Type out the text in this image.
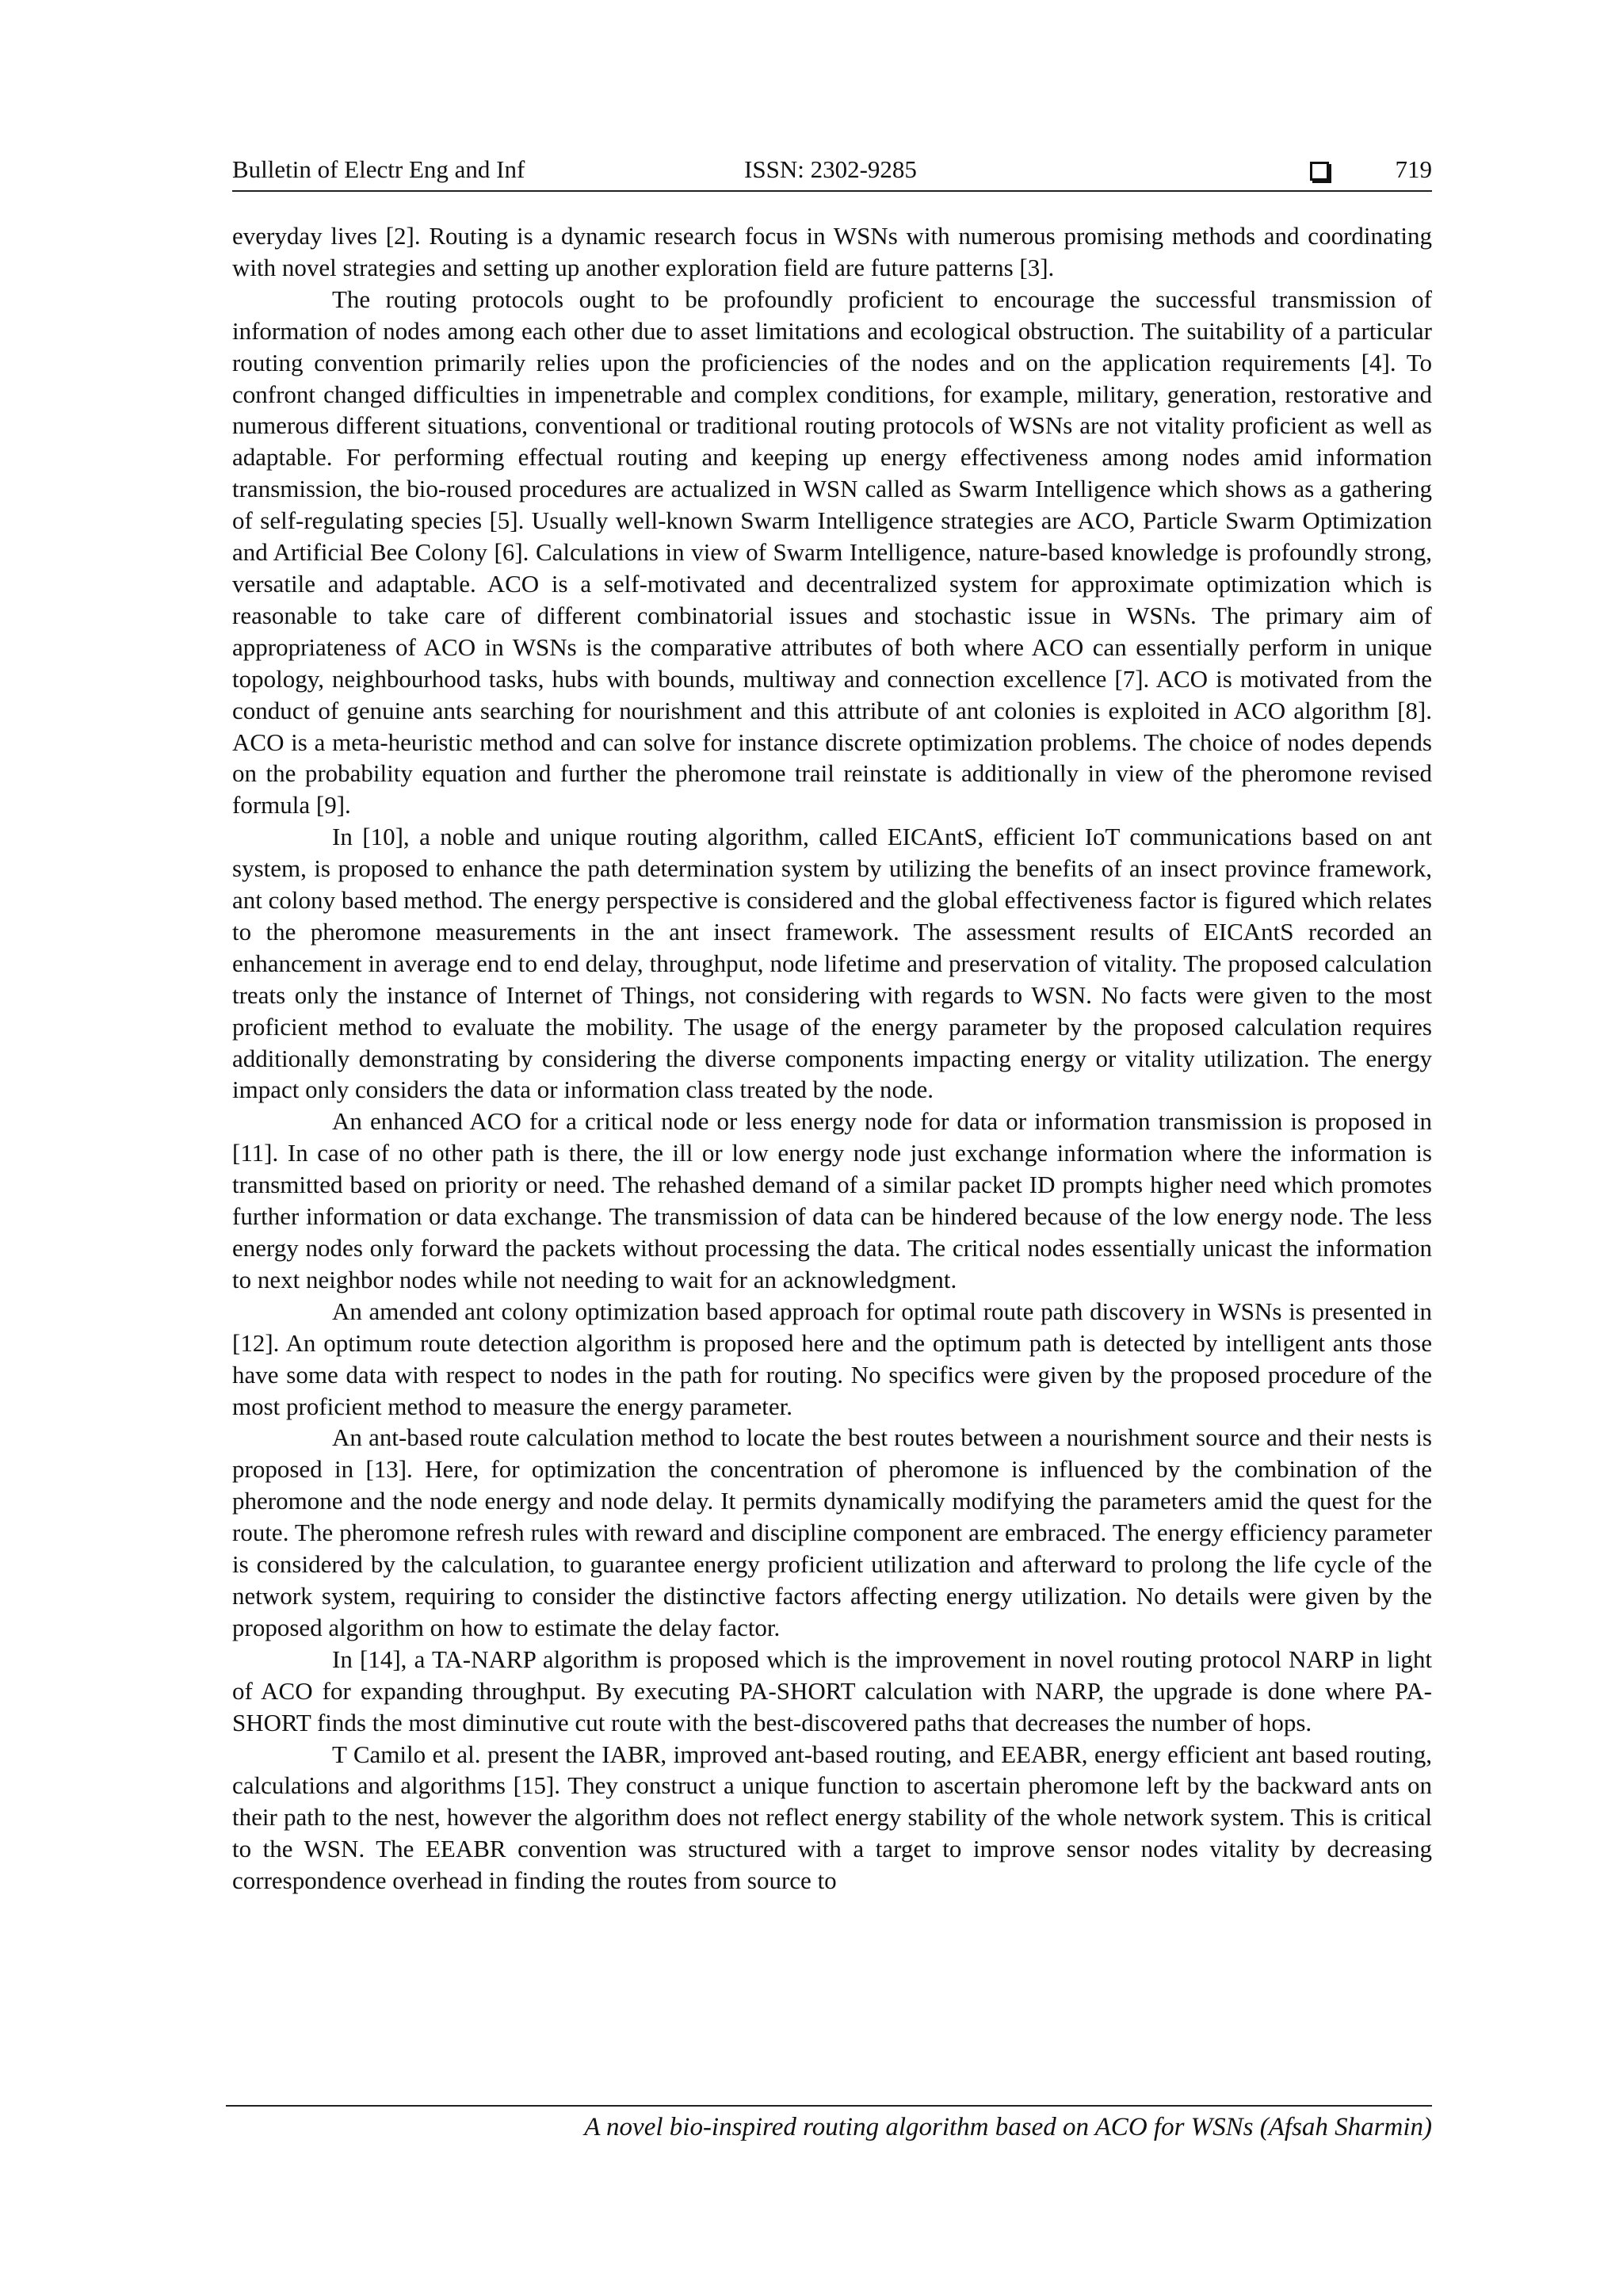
Bulletin of Electr Eng and Inf	ISSN: 2302-9285	719

everyday lives [2]. Routing is a dynamic research focus in WSNs with numerous promising methods and coordinating with novel strategies and setting up another exploration field are future patterns [3].

The routing protocols ought to be profoundly proficient to encourage the successful transmission of information of nodes among each other due to asset limitations and ecological obstruction. The suitability of a particular routing convention primarily relies upon the proficiencies of the nodes and on the application requirements [4]. To confront changed difficulties in impenetrable and complex conditions, for example, military, generation, restorative and numerous different situations, conventional or traditional routing protocols of WSNs are not vitality proficient as well as adaptable. For performing effectual routing and keeping up energy effectiveness among nodes amid information transmission, the bio-roused procedures are actualized in WSN called as Swarm Intelligence which shows as a gathering of self-regulating species [5]. Usually well-known Swarm Intelligence strategies are ACO, Particle Swarm Optimization and Artificial Bee Colony [6]. Calculations in view of Swarm Intelligence, nature-based knowledge is profoundly strong, versatile and adaptable. ACO is a self-motivated and decentralized system for approximate optimization which is reasonable to take care of different combinatorial issues and stochastic issue in WSNs. The primary aim of appropriateness of ACO in WSNs is the comparative attributes of both where ACO can essentially perform in unique topology, neighbourhood tasks, hubs with bounds, multiway and connection excellence [7]. ACO is motivated from the conduct of genuine ants searching for nourishment and this attribute of ant colonies is exploited in ACO algorithm [8]. ACO is a meta-heuristic method and can solve for instance discrete optimization problems. The choice of nodes depends on the probability equation and further the pheromone trail reinstate is additionally in view of the pheromone revised formula [9].

In [10], a noble and unique routing algorithm, called EICAntS, efficient IoT communications based on ant system, is proposed to enhance the path determination system by utilizing the benefits of an insect province framework, ant colony based method. The energy perspective is considered and the global effectiveness factor is figured which relates to the pheromone measurements in the ant insect framework. The assessment results of EICAntS recorded an enhancement in average end to end delay, throughput, node lifetime and preservation of vitality. The proposed calculation treats only the instance of Internet of Things, not considering with regards to WSN. No facts were given to the most proficient method to evaluate the mobility. The usage of the energy parameter by the proposed calculation requires additionally demonstrating by considering the diverse components impacting energy or vitality utilization. The energy impact only considers the data or information class treated by the node.

An enhanced ACO for a critical node or less energy node for data or information transmission is proposed in [11]. In case of no other path is there, the ill or low energy node just exchange information where the information is transmitted based on priority or need. The rehashed demand of a similar packet ID prompts higher need which promotes further information or data exchange. The transmission of data can be hindered because of the low energy node. The less energy nodes only forward the packets without processing the data. The critical nodes essentially unicast the information to next neighbor nodes while not needing to wait for an acknowledgment.

An amended ant colony optimization based approach for optimal route path discovery in WSNs is presented in [12]. An optimum route detection algorithm is proposed here and the optimum path is detected by intelligent ants those have some data with respect to nodes in the path for routing. No specifics were given by the proposed procedure of the most proficient method to measure the energy parameter.

An ant-based route calculation method to locate the best routes between a nourishment source and their nests is proposed in [13]. Here, for optimization the concentration of pheromone is influenced by the combination of the pheromone and the node energy and node delay. It permits dynamically modifying the parameters amid the quest for the route. The pheromone refresh rules with reward and discipline component are embraced. The energy efficiency parameter is considered by the calculation, to guarantee energy proficient utilization and afterward to prolong the life cycle of the network system, requiring to consider the distinctive factors affecting energy utilization. No details were given by the proposed algorithm on how to estimate the delay factor.

In [14], a TA-NARP algorithm is proposed which is the improvement in novel routing protocol NARP in light of ACO for expanding throughput. By executing PA-SHORT calculation with NARP, the upgrade is done where PA-SHORT finds the most diminutive cut route with the best-discovered paths that decreases the number of hops.

T Camilo et al. present the IABR, improved ant-based routing, and EEABR, energy efficient ant based routing, calculations and algorithms [15]. They construct a unique function to ascertain pheromone left by the backward ants on their path to the nest, however the algorithm does not reflect energy stability of the whole network system. This is critical to the WSN. The EEABR convention was structured with a target to improve sensor nodes vitality by decreasing correspondence overhead in finding the routes from source to

A novel bio-inspired routing algorithm based on ACO for WSNs (Afsah Sharmin)
